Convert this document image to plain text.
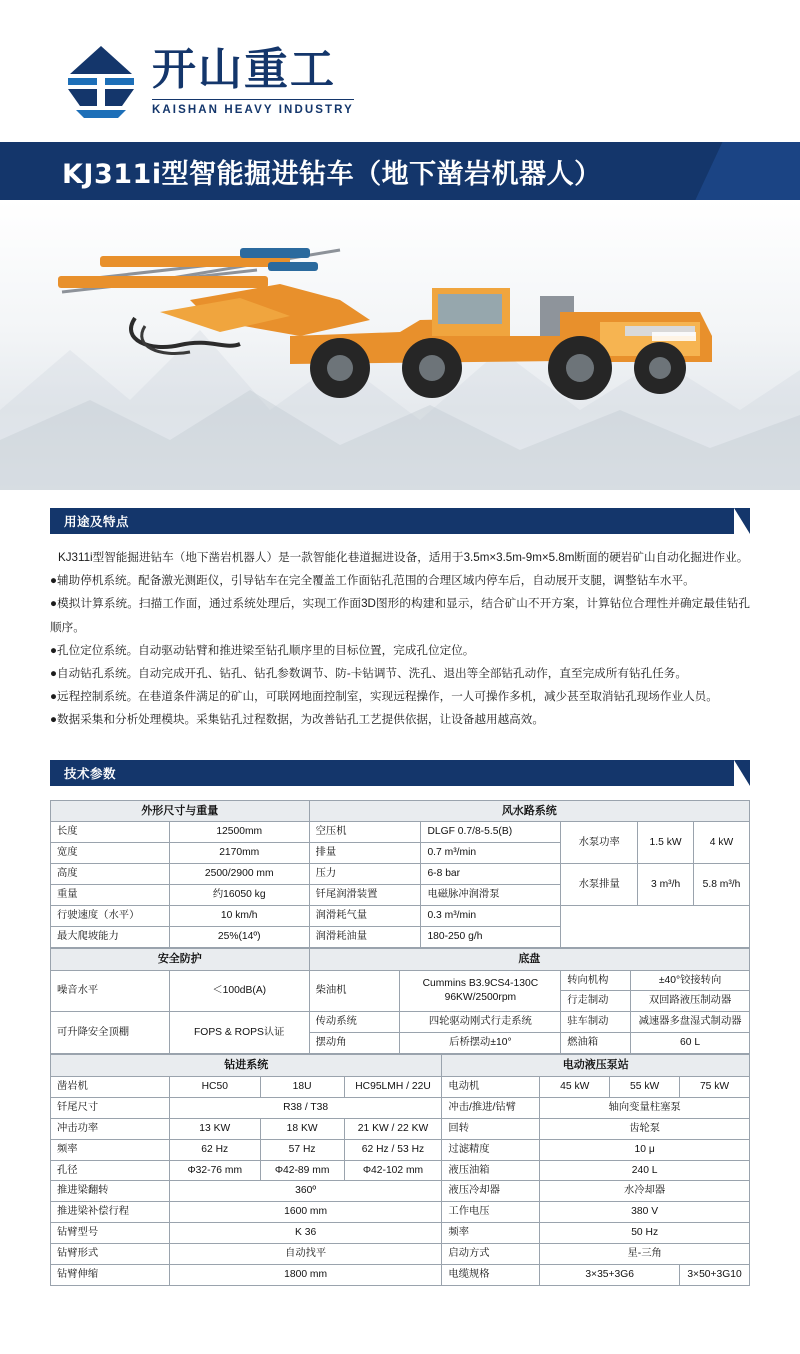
开山重工
KAISHAN HEAVY INDUSTRY
KJ311i型智能掘进钻车（地下凿岩机器人）
用途及特点

KJ311i型智能掘进钻车（地下凿岩机器人）是一款智能化巷道掘进设备，适用于3.5m×3.5m-9m×5.8m断面的硬岩矿山自动化掘进作业。

●辅助停机系统。配备激光测距仪，引导钻车在完全覆盖工作面钻孔范围的合理区域内停车后，自动展开支腿，调整钻车水平。

●模拟计算系统。扫描工作面，通过系统处理后，实现工作面3D图形的构建和显示，结合矿山不开方案，计算钻位合理性并确定最佳钻孔顺序。

●孔位定位系统。自动驱动钻臂和推进梁至钻孔顺序里的目标位置，完成孔位定位。

●自动钻孔系统。自动完成开孔、钻孔、钻孔参数调节、防-卡钻调节、洗孔、退出等全部钻孔动作，直至完成所有钻孔任务。

●远程控制系统。在巷道条件满足的矿山，可联网地面控制室，实现远程操作，一人可操作多机，减少甚至取消钻孔现场作业人员。

●数据采集和分析处理模块。采集钻孔过程数据，为改善钻孔工艺提供依据，让设备越用越高效。

技术参数
外形尺寸与重量		风水路系统				
长度	12500mm	空压机	DLGF 0.7/8-5.5(B)	水泵功率	1.5 kW	4 kW
宽度	2170mm	排量	0.7 m³/min			
高度	2500/2900 mm	压力	6-8 bar	水泵排量	3 m³/h	5.8 m³/h
重量	约16050 kg	钎尾润滑装置	电磁脉冲润滑泵			
行驶速度（水平）	10 km/h	润滑耗气量	0.3 m³/min			
最大爬坡能力	25%(14º)	润滑耗油量	180-250 g/h			
安全防护		底盘			
噪音水平	＜100dB(A)	柴油机	Cummins B3.9CS4-130C 96KW/2500rpm	转向机构	±40°铰接转向
				行走制动	双回路液压制动器
可升降安全顶棚	FOPS & ROPS认证	传动系统	四轮驱动刚式行走系统	驻车制动	减速器多盘湿式制动器
		摆动角	后桥摆动±10°	燃油箱	60 L
钻进系统				电动液压泵站			
凿岩机	HC50	18U	HC95LMH / 22U	电动机	45 kW	55 kW	75 kW
钎尾尺寸	R38 / T38			冲击/推进/钻臂	轴向变量柱塞泵		
冲击功率	13 KW	18 KW	21 KW / 22 KW	回转	齿轮泵		
频率	62 Hz	57 Hz	62 Hz / 53 Hz	过滤精度	10 μ		
孔径	Φ32-76 mm	Φ42-89 mm	Φ42-102 mm	液压油箱	240 L		
推进梁翻转	360º			液压冷却器	水冷却器		
推进梁补偿行程	1600 mm			工作电压	380 V		
钻臂型号	K 36			频率	50 Hz		
钻臂形式	自动找平			启动方式	星-三角		
钻臂伸缩	1800 mm			电缆规格	3×35+3G6		3×50+3G10
